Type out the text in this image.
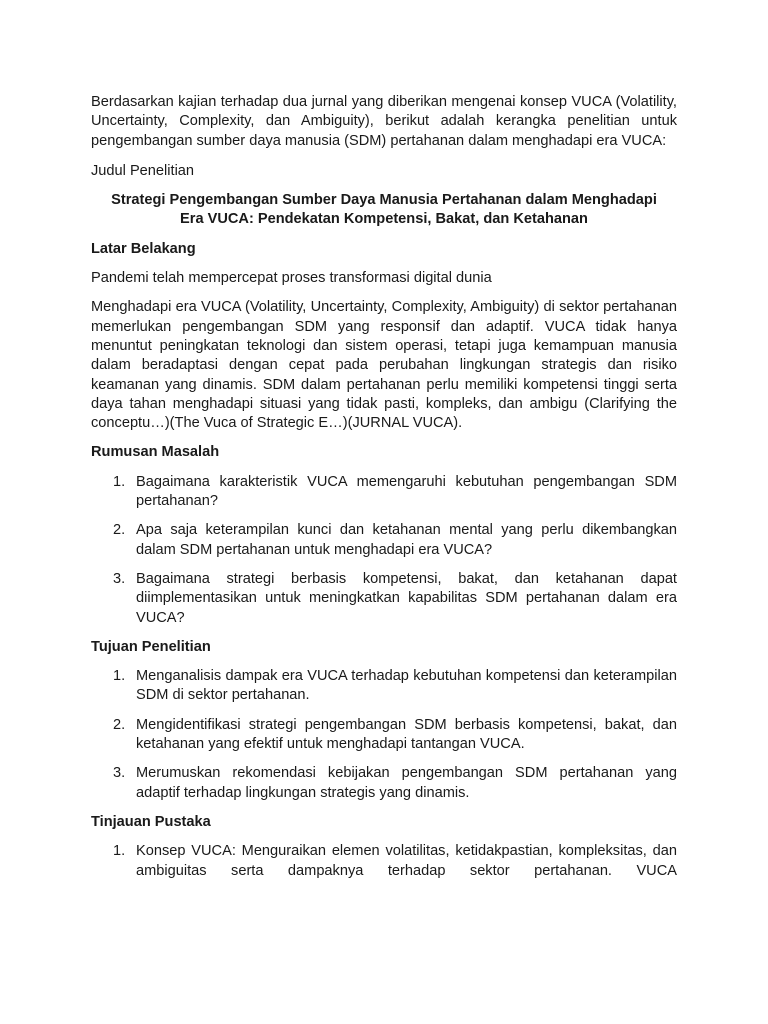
Berdasarkan kajian terhadap dua jurnal yang diberikan mengenai konsep VUCA (Volatility, Uncertainty, Complexity, dan Ambiguity), berikut adalah kerangka penelitian untuk pengembangan sumber daya manusia (SDM) pertahanan dalam menghadapi era VUCA:

Judul Penelitian

Strategi Pengembangan Sumber Daya Manusia Pertahanan dalam Menghadapi
Era VUCA: Pendekatan Kompetensi, Bakat, dan Ketahanan

Latar Belakang

Pandemi telah mempercepat proses transformasi digital dunia

Menghadapi era VUCA (Volatility, Uncertainty, Complexity, Ambiguity) di sektor pertahanan memerlukan pengembangan SDM yang responsif dan adaptif. VUCA tidak hanya menuntut peningkatan teknologi dan sistem operasi, tetapi juga kemampuan manusia dalam beradaptasi dengan cepat pada perubahan lingkungan strategis dan risiko keamanan yang dinamis. SDM dalam pertahanan perlu memiliki kompetensi tinggi serta daya tahan menghadapi situasi yang tidak pasti, kompleks, dan ambigu (Clarifying the conceptu…)(The Vuca of Strategic E…)(JURNAL VUCA).

Rumusan Masalah

1. Bagaimana karakteristik VUCA memengaruhi kebutuhan pengembangan SDM pertahanan?
2. Apa saja keterampilan kunci dan ketahanan mental yang perlu dikembangkan dalam SDM pertahanan untuk menghadapi era VUCA?
3. Bagaimana strategi berbasis kompetensi, bakat, dan ketahanan dapat diimplementasikan untuk meningkatkan kapabilitas SDM pertahanan dalam era VUCA?

Tujuan Penelitian

1. Menganalisis dampak era VUCA terhadap kebutuhan kompetensi dan keterampilan SDM di sektor pertahanan.
2. Mengidentifikasi strategi pengembangan SDM berbasis kompetensi, bakat, dan ketahanan yang efektif untuk menghadapi tantangan VUCA.
3. Merumuskan rekomendasi kebijakan pengembangan SDM pertahanan yang adaptif terhadap lingkungan strategis yang dinamis.

Tinjauan Pustaka

1. Konsep VUCA: Menguraikan elemen volatilitas, ketidakpastian, kompleksitas, dan ambiguitas serta dampaknya terhadap sektor pertahanan. VUCA
